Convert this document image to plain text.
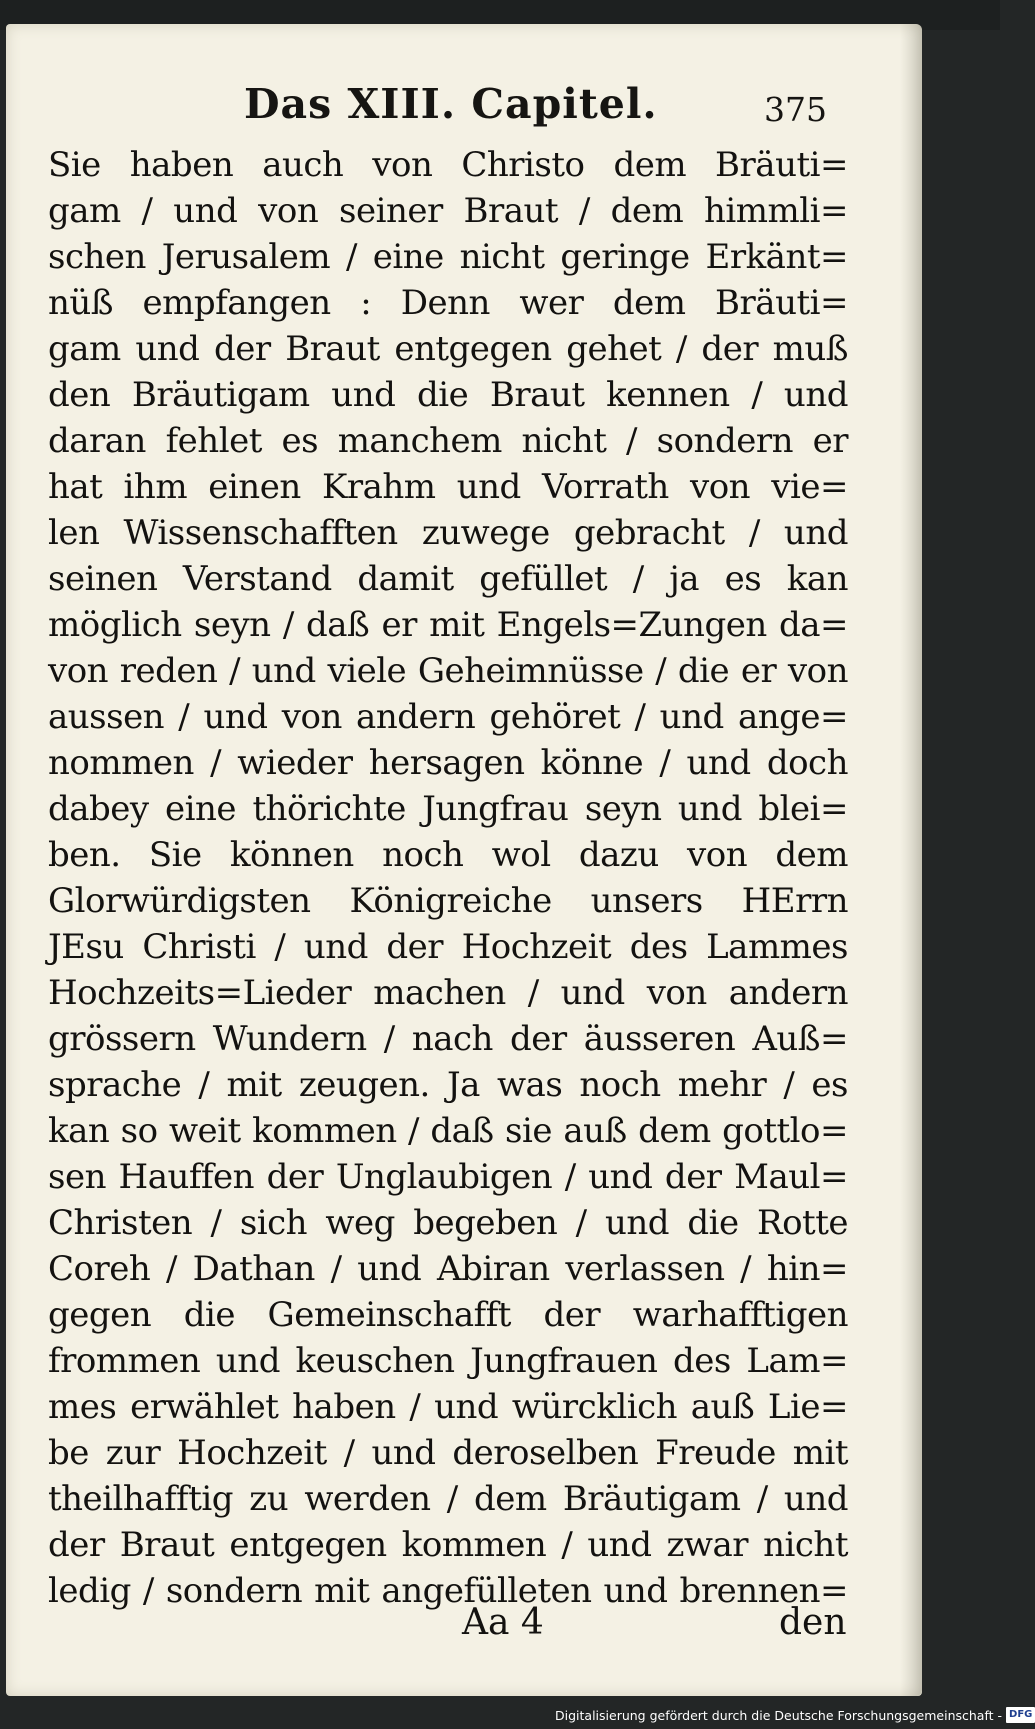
Das XIII. Capitel.	375
Sie haben auch von Christo dem Bräuti=
gam / und von seiner Braut / dem himmli=
schen Jerusalem / eine nicht geringe Erkänt=
nüß empfangen : Denn wer dem Bräuti=
gam und der Braut entgegen gehet / der muß
den Bräutigam und die Braut kennen / und
daran fehlet es manchem nicht / sondern er
hat ihm einen Krahm und Vorrath von vie=
len Wissenschafften zuwege gebracht / und
seinen Verstand damit gefüllet / ja es kan
möglich seyn / daß er mit Engels=Zungen da=
von reden / und viele Geheimnüsse / die er von
aussen / und von andern gehöret / und ange=
nommen / wieder hersagen könne / und doch
dabey eine thörichte Jungfrau seyn und blei=
ben. Sie können noch wol dazu von dem
Glorwürdigsten Königreiche unsers HErrn
JEsu Christi / und der Hochzeit des Lammes
Hochzeits=Lieder machen / und von andern
grössern Wundern / nach der äusseren Auß=
sprache / mit zeugen. Ja was noch mehr / es
kan so weit kommen / daß sie auß dem gottlo=
sen Hauffen der Unglaubigen / und der Maul=
Christen / sich weg begeben / und die Rotte
Coreh / Dathan / und Abiran verlassen / hin=
gegen die Gemeinschafft der warhafftigen
frommen und keuschen Jungfrauen des Lam=
mes erwählet haben / und würcklich auß Lie=
be zur Hochzeit / und deroselben Freude mit
theilhafftig zu werden / dem Bräutigam / und
der Braut entgegen kommen / und zwar nicht
ledig / sondern mit angefülleten und brennen=
Aa 4	den
Digitalisierung gefördert durch die Deutsche Forschungsgemeinschaft - DFG
